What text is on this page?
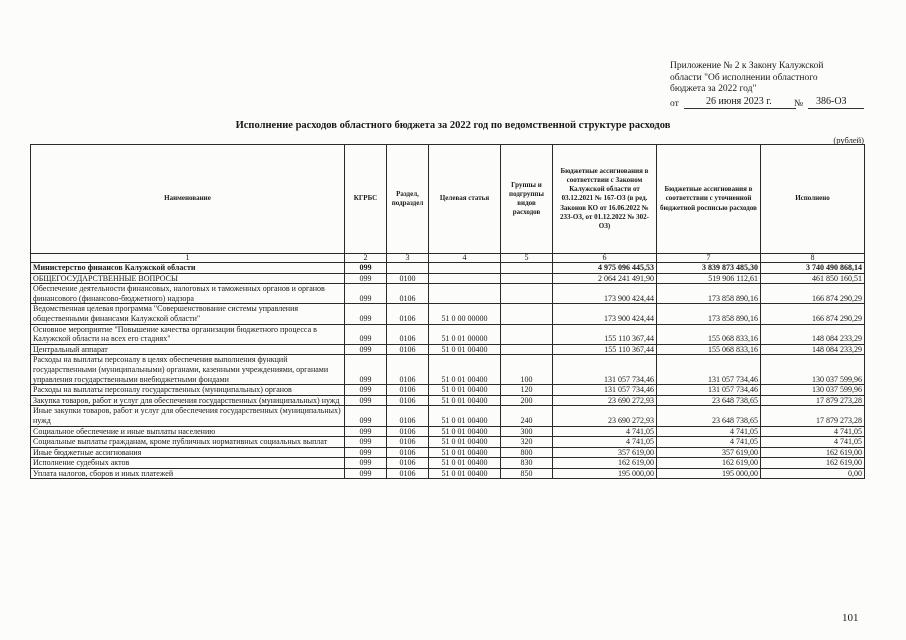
Приложение № 2 к Закону Калужской
области "Об исполнении областного
бюджета за 2022 год"
от	26 июня 2023 г. № 386-ОЗ
Исполнение расходов областного бюджета за 2022 год по ведомственной структуре расходов
(рублей)
Наименование	КГРБС	Раздел, подраздел	Целевая статья	Группы и подгруппы видов расходов	Бюджетные ассигнования в соответствии с Законом Калужской области от 03.12.2021 № 167-ОЗ (в ред. Законов КО от 16.06.2022 № 233-ОЗ, от 01.12.2022 № 302-ОЗ)	Бюджетные ассигнования в соответствии с уточненной бюджетной росписью расходов	Исполнено
1	2	3	4	5	6	7	8
Министерство финансов Калужской области	099				4 975 096 445,53	3 839 873 485,30	3 740 490 868,14
ОБЩЕГОСУДАРСТВЕННЫЕ ВОПРОСЫ	099	0100			2 064 241 491,90	519 906 112,61	461 850 160,51
Обеспечение деятельности финансовых, налоговых и таможенных органов и органов финансового (финансово-бюджетного) надзора	099	0106			173 900 424,44	173 858 890,16	166 874 290,29
Ведомственная целевая программа "Совершенствование системы управления общественными финансами Калужской области"	099	0106	51 0 00 00000		173 900 424,44	173 858 890,16	166 874 290,29
Основное мероприятие "Повышение качества организации бюджетного процесса в Калужской области на всех его стадиях"	099	0106	51 0 01 00000		155 110 367,44	155 068 833,16	148 084 233,29
Центральный аппарат	099	0106	51 0 01 00400		155 110 367,44	155 068 833,16	148 084 233,29
Расходы на выплаты персоналу в целях обеспечения выполнения функций государственными (муниципальными) органами, казенными учреждениями, органами управления государственными внебюджетными фондами	099	0106	51 0 01 00400	100	131 057 734,46	131 057 734,46	130 037 599,96
Расходы на выплаты персоналу государственных (муниципальных) органов	099	0106	51 0 01 00400	120	131 057 734,46	131 057 734,46	130 037 599,96
Закупка товаров, работ и услуг для обеспечения государственных (муниципальных) нужд	099	0106	51 0 01 00400	200	23 690 272,93	23 648 738,65	17 879 273,28
Иные закупки товаров, работ и услуг для обеспечения государственных (муниципальных) нужд	099	0106	51 0 01 00400	240	23 690 272,93	23 648 738,65	17 879 273,28
Социальное обеспечение и иные выплаты населению	099	0106	51 0 01 00400	300	4 741,05	4 741,05	4 741,05
Социальные выплаты гражданам, кроме публичных нормативных социальных выплат	099	0106	51 0 01 00400	320	4 741,05	4 741,05	4 741,05
Иные бюджетные ассигнования	099	0106	51 0 01 00400	800	357 619,00	357 619,00	162 619,00
Исполнение судебных актов	099	0106	51 0 01 00400	830	162 619,00	162 619,00	162 619,00
Уплата налогов, сборов и иных платежей	099	0106	51 0 01 00400	850	195 000,00	195 000,00	0,00
101
